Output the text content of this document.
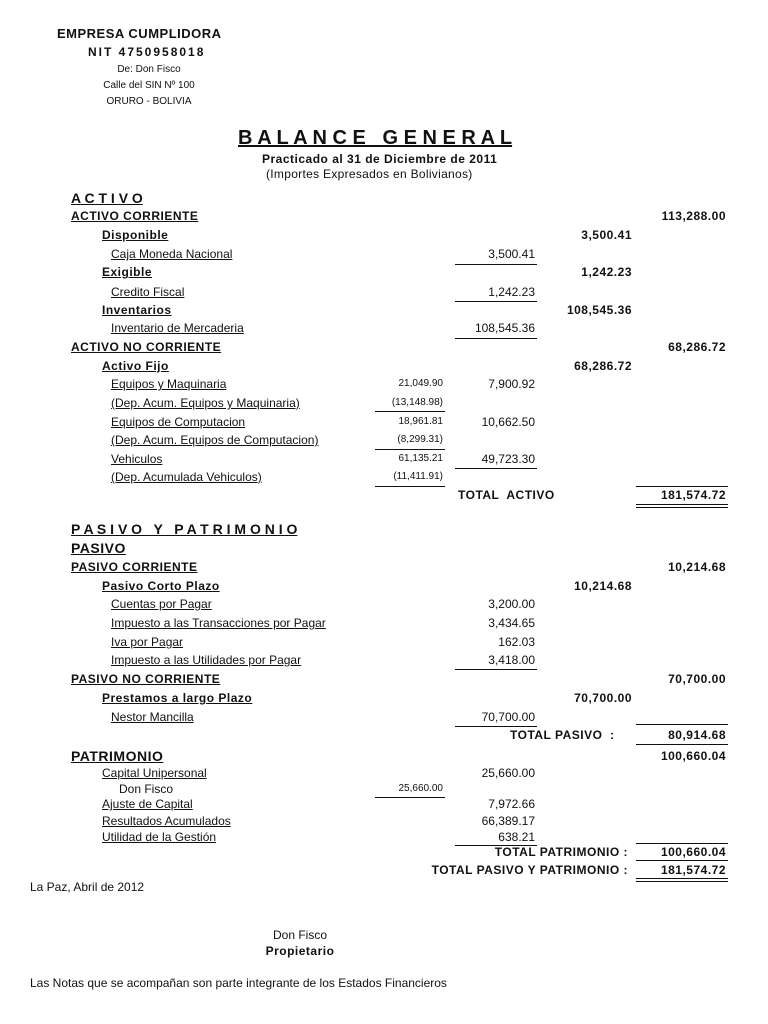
EMPRESA CUMPLIDORA
NIT 4750958018
De: Don Fisco
Calle del SIN Nº 100
ORURO - BOLIVIA
B A L A N C E   G E N E R A L
Practicado al 31 de Diciembre de 2011
(Importes Expresados en Bolivianos)
A C T I V O
ACTIVO CORRIENTE	113,288.00
Disponible	3,500.41
Caja Moneda Nacional	3,500.41
Exigible	1,242.23
Credito Fiscal	1,242.23
Inventarios	108,545.36
Inventario de Mercaderia	108,545.36
ACTIVO NO CORRIENTE	68,286.72
Activo Fijo	68,286.72
Equipos y Maquinaria	21,049.90	7,900.92
(Dep. Acum. Equipos y Maquinaria)	(13,148.98)
Equipos de Computacion	18,961.81	10,662.50
(Dep. Acum. Equipos de Computacion)	(8,299.31)
Vehiculos	61,135.21	49,723.30
(Dep. Acumulada Vehiculos)	(11,411.91)
TOTAL  ACTIVO	181,574.72
P A S I V O   Y   P A T R I M O N I O
PASIVO
PASIVO CORRIENTE	10,214.68
Pasivo Corto Plazo	10,214.68
Cuentas por Pagar	3,200.00
Impuesto a las Transacciones por Pagar	3,434.65
Iva por Pagar	162.03
Impuesto a las Utilidades por Pagar	3,418.00
PASIVO NO CORRIENTE	70,700.00
Prestamos a largo Plazo	70,700.00
Nestor Mancilla	70,700.00
TOTAL PASIVO  :	80,914.68
PATRIMONIO	100,660.04
Capital Unipersonal	25,660.00
Don Fisco	25,660.00
Ajuste de Capital	7,972.66
Resultados Acumulados	66,389.17
Utilidad de la Gestión	638.21
TOTAL PATRIMONIO :	100,660.04
TOTAL PASIVO Y PATRIMONIO :	181,574.72
La Paz, Abril de 2012
Don Fisco
Propietario
Las Notas que se acompañan son parte integrante de los Estados Financieros
